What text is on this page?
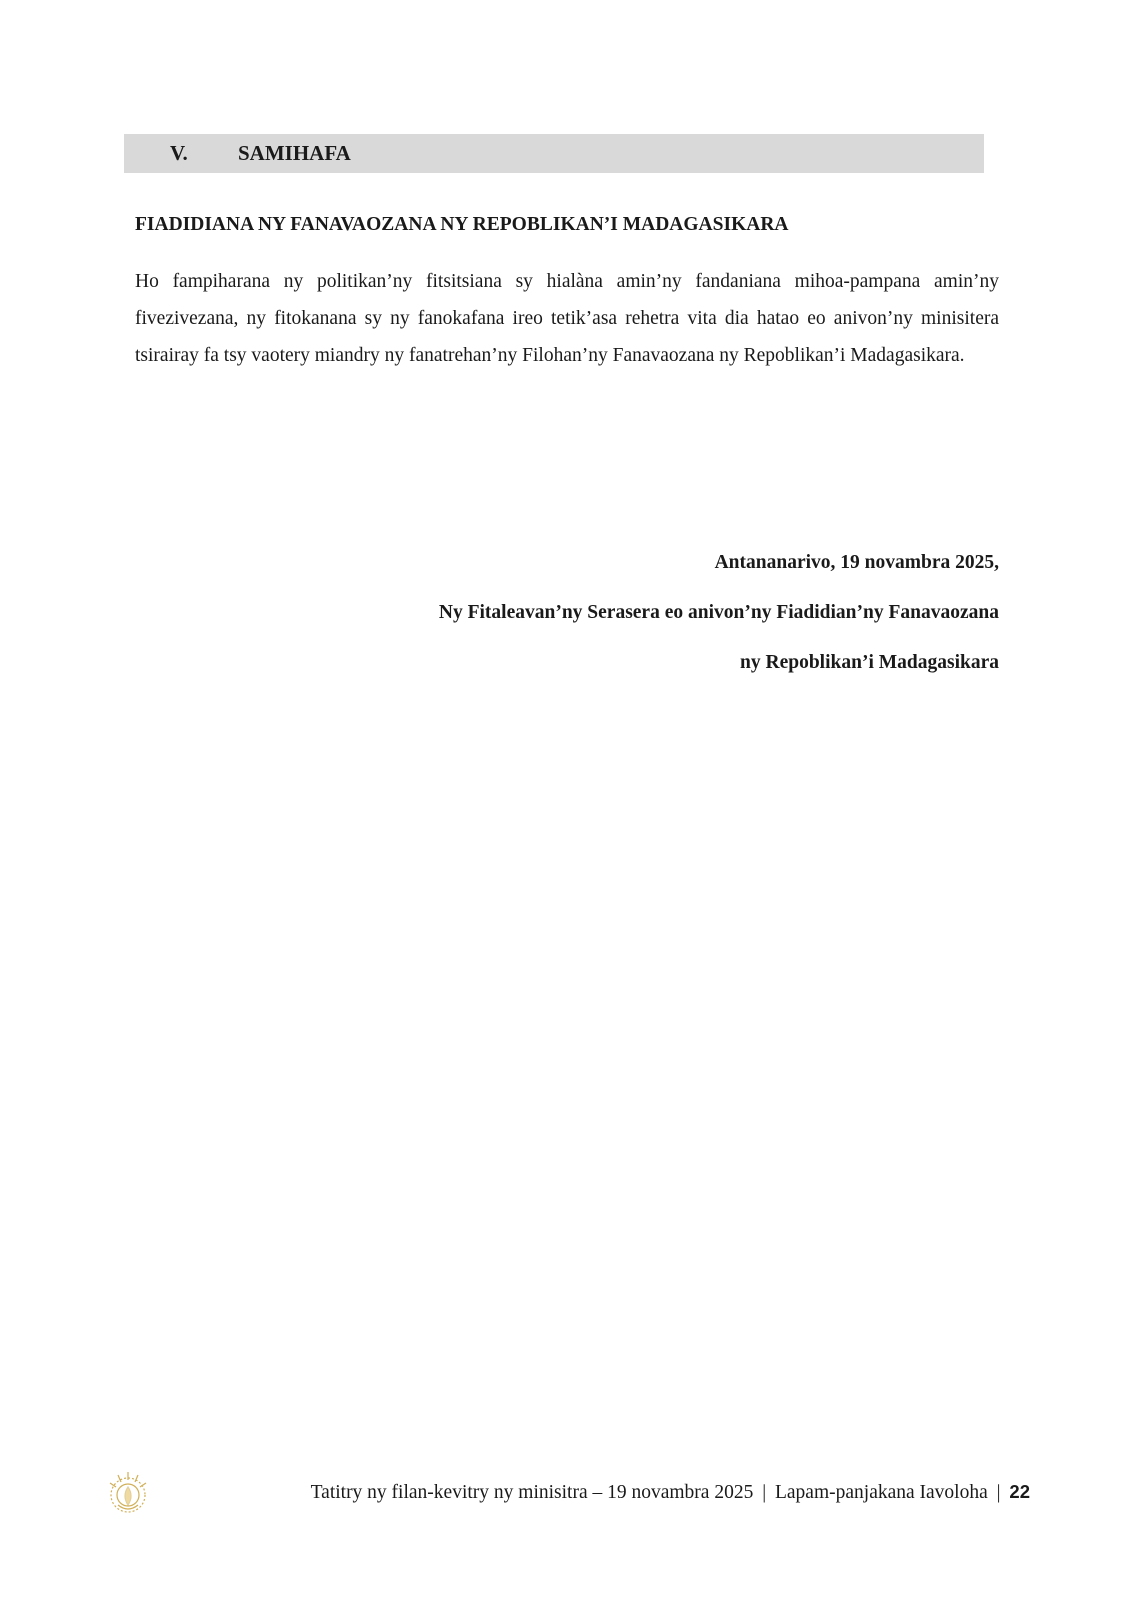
V.	SAMIHAFA
FIADIDIANA NY FANAVAOZANA NY REPOBLIKAN’I MADAGASIKARA

Ho fampiharana ny politikan’ny fitsitsiana sy hialàna amin’ny fandaniana mihoa-pampana amin’ny fivezivezana, ny fitokanana sy ny fanokafana ireo tetik’asa rehetra vita dia hatao eo anivon’ny minisitera tsirairay fa tsy vaotery miandry ny fanatrehan’ny Filohan’ny Fanavaozana ny Repoblikan’i Madagasikara.

Antananarivo, 19 novambra 2025,
Ny Fitaleavan’ny Serasera eo anivon’ny Fiadidian’ny Fanavaozana
ny Repoblikan’i Madagasikara
Tatitry ny filan-kevitry ny minisitra – 19 novambra 2025 | Lapam-panjakana Iavoloha | 22
